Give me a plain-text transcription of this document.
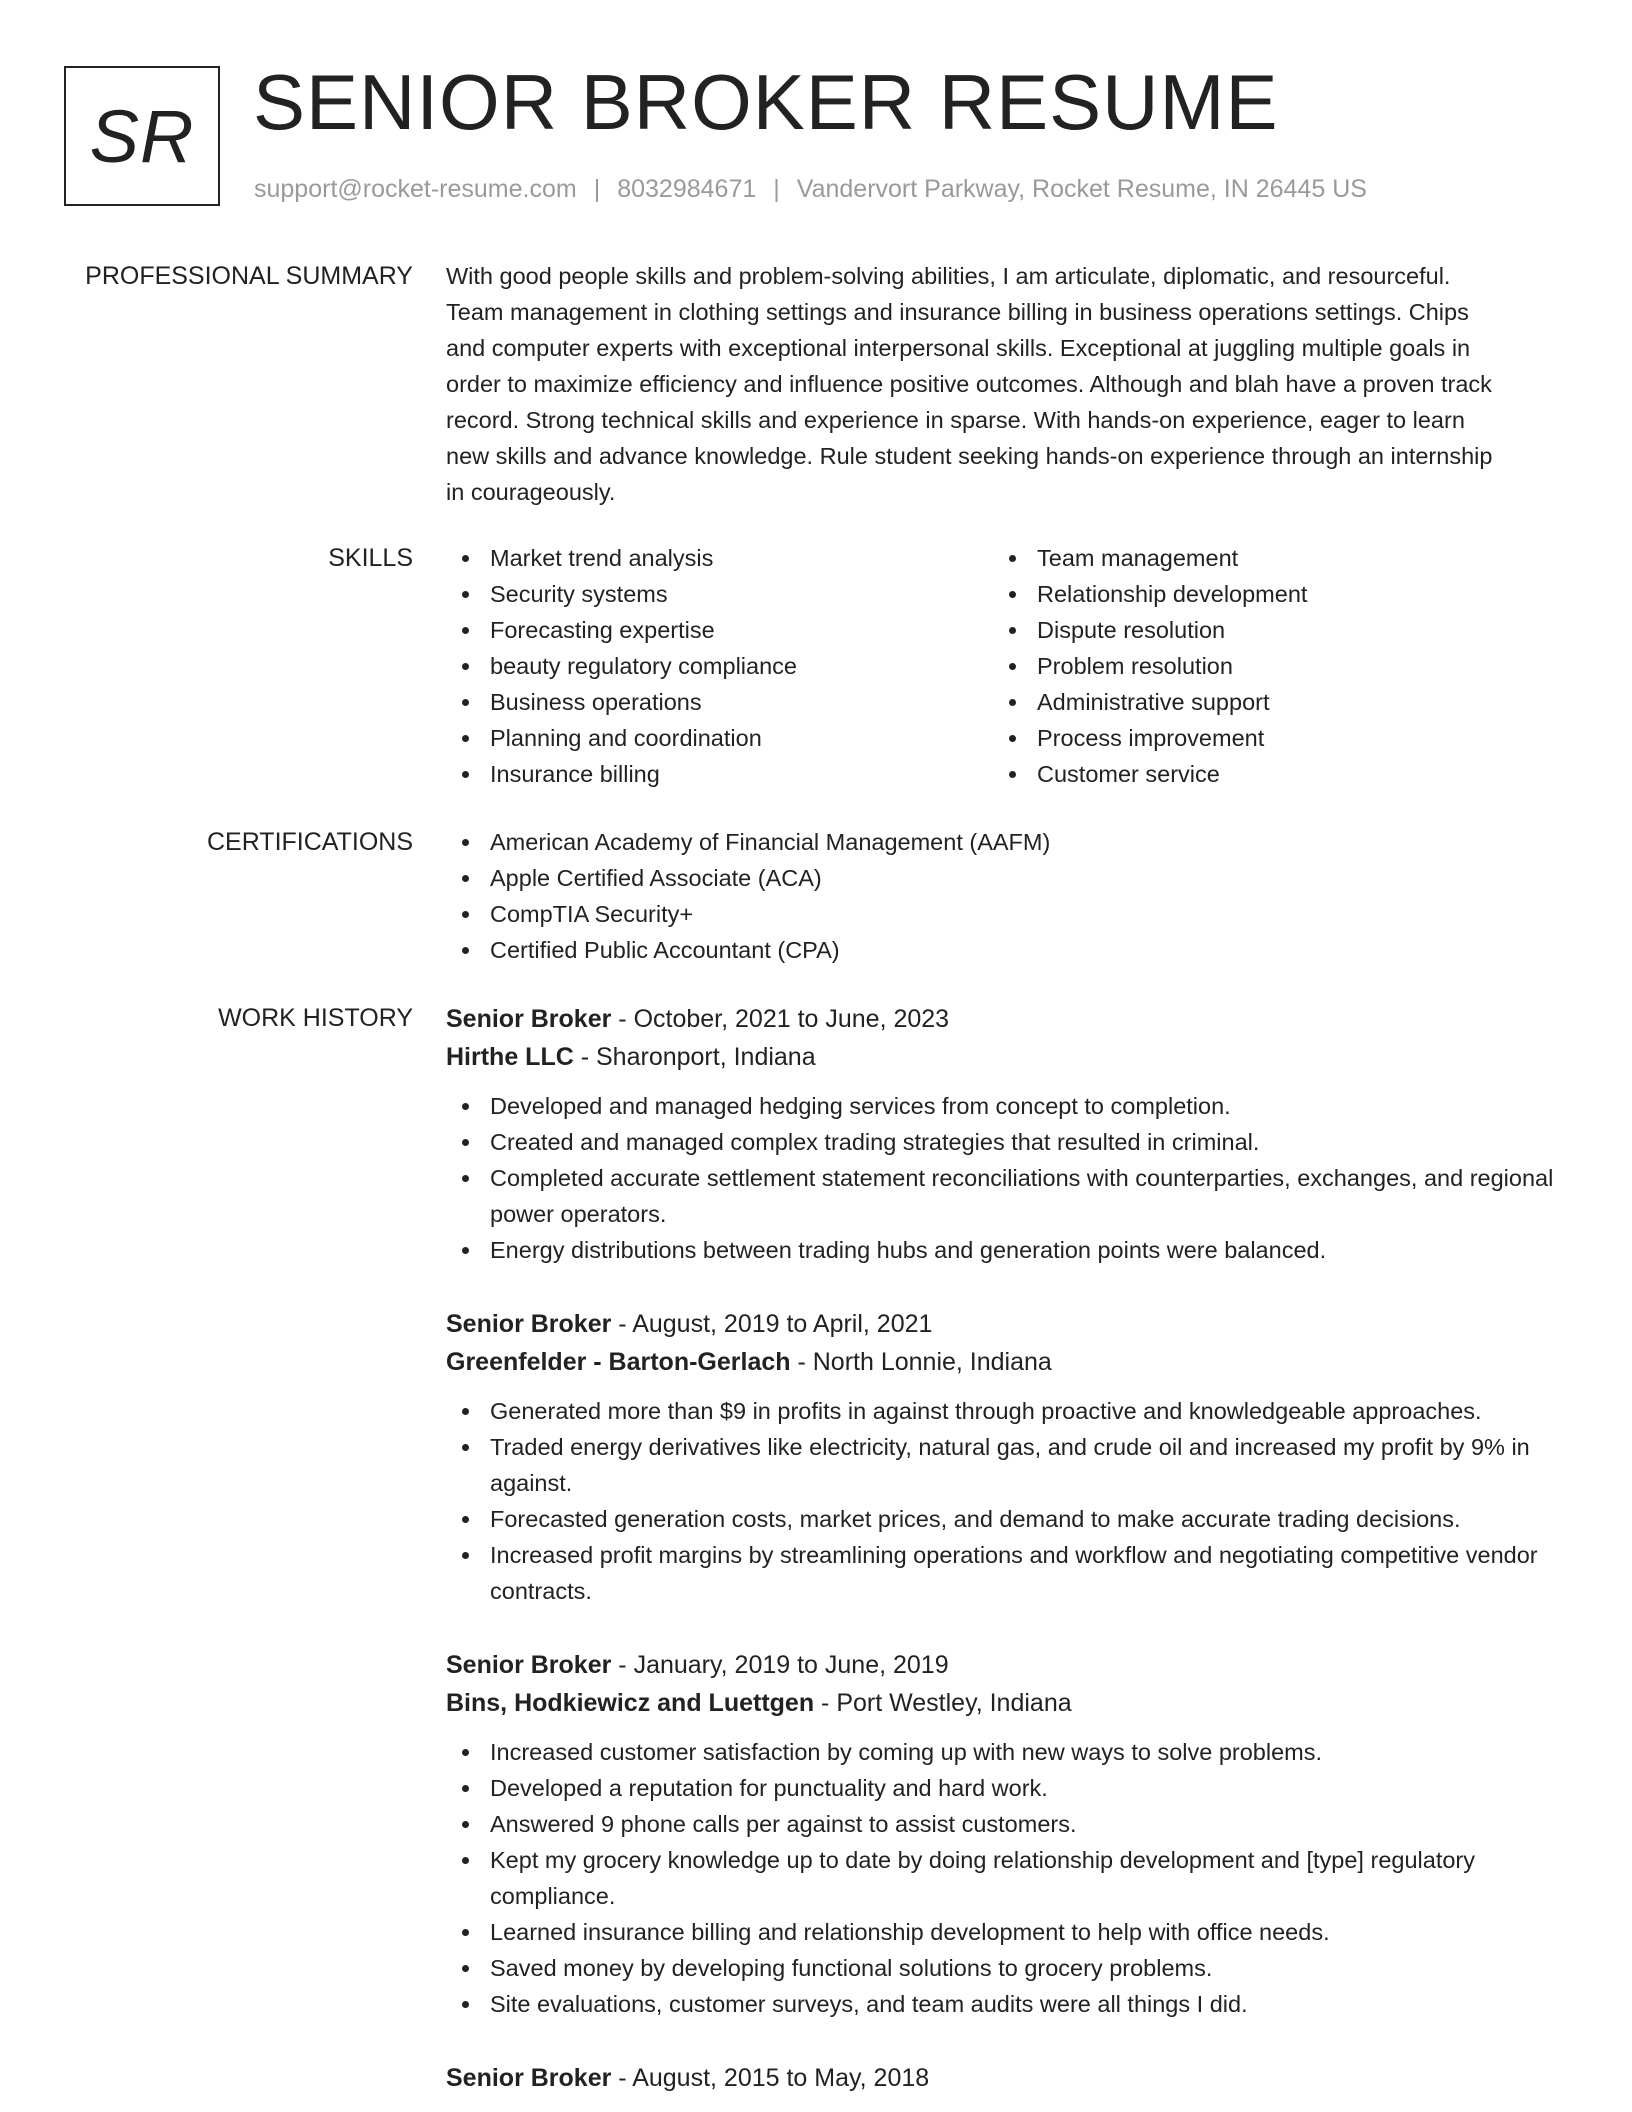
SR SENIOR BROKER RESUME
support@rocket-resume.com | 8032984671 | Vandervort Parkway, Rocket Resume, IN 26445 US
PROFESSIONAL SUMMARY With good people skills and problem-solving abilities, I am articulate, diplomatic, and resourceful.
Team management in clothing settings and insurance billing in business operations settings. Chips
and computer experts with exceptional interpersonal skills. Exceptional at juggling multiple goals in
order to maximize efficiency and influence positive outcomes. Although and blah have a proven track
record. Strong technical skills and experience in sparse. With hands-on experience, eager to learn
new skills and advance knowledge. Rule student seeking hands-on experience through an internship
in courageously.
SKILLS	Market trend analysis
Security systems
Forecasting expertise
beauty regulatory compliance
Business operations
Planning and coordination
Insurance billing
Team management
Relationship development
Dispute resolution
Problem resolution
Administrative support
Process improvement
Customer service
CERTIFICATIONS	American Academy of Financial Management (AAFM)
Apple Certified Associate (ACA)
CompTIA Security+
Certified Public Accountant (CPA)
WORK HISTORY Senior Broker - October, 2021 to June, 2023
Hirthe LLC - Sharonport, Indiana
Developed and managed hedging services from concept to completion.
Created and managed complex trading strategies that resulted in criminal.
Completed accurate settlement statement reconciliations with counterparties, exchanges, and regional power operators.
Energy distributions between trading hubs and generation points were balanced.
Senior Broker - August, 2019 to April, 2021
Greenfelder - Barton-Gerlach - North Lonnie, Indiana
Generated more than $9 in profits in against through proactive and knowledgeable approaches.
Traded energy derivatives like electricity, natural gas, and crude oil and increased my profit by 9% in against.
Forecasted generation costs, market prices, and demand to make accurate trading decisions.
Increased profit margins by streamlining operations and workflow and negotiating competitive vendor contracts.
Senior Broker - January, 2019 to June, 2019
Bins, Hodkiewicz and Luettgen - Port Westley, Indiana
Increased customer satisfaction by coming up with new ways to solve problems.
Developed a reputation for punctuality and hard work.
Answered 9 phone calls per against to assist customers.
Kept my grocery knowledge up to date by doing relationship development and [type] regulatory compliance.
Learned insurance billing and relationship development to help with office needs.
Saved money by developing functional solutions to grocery problems.
Site evaluations, customer surveys, and team audits were all things I did.
Senior Broker - August, 2015 to May, 2018
